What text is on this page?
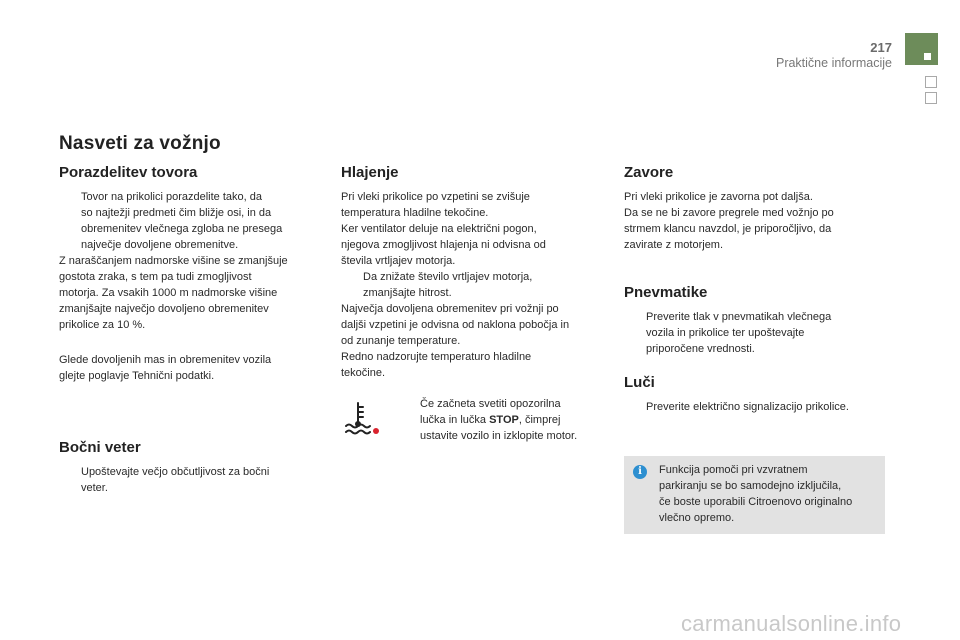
217
Praktične informacije
Nasveti za vožnjo
Porazdelitev tovora
Tovor na prikolici porazdelite tako, da
so najtežji predmeti čim bližje osi, in da
obremenitev vlečnega zgloba ne presega
največje dovoljene obremenitve.

Z naraščanjem nadmorske višine se zmanjšuje
gostota zraka, s tem pa tudi zmogljivost
motorja. Za vsakih 1000 m nadmorske višine
zmanjšajte največjo dovoljeno obremenitev
prikolice za 10 %.

Glede dovoljenih mas in obremenitev vozila
glejte poglavje Tehnični podatki.

Bočni veter
Upoštevajte večjo občutljivost za bočni
veter.
Hlajenje

Pri vleki prikolice po vzpetini se zvišuje
temperatura hladilne tekočine.
Ker ventilator deluje na električni pogon,
njegova zmogljivost hlajenja ni odvisna od
števila vrtljajev motorja.

Da znižate število vrtljajev motorja,
zmanjšajte hitrost.

Največja dovoljena obremenitev pri vožnji po
daljši vzpetini je odvisna od naklona pobočja in
od zunanje temperature.
Redno nadzorujte temperaturo hladilne
tekočine.

Če začneta svetiti opozorilna
lučka in lučka STOP, čimprej
ustavite vozilo in izklopite motor.
Zavore

Pri vleki prikolice je zavorna pot daljša.
Da se ne bi zavore pregrele med vožnjo po
strmem klancu navzdol, je priporočljivo, da
zavirate z motorjem.

Pnevmatike
Preverite tlak v pnevmatikah vlečnega
vozila in prikolice ter upoštevajte
priporočene vrednosti.
Luči
Preverite električno signalizacijo prikolice.
i	Funkcija pomoči pri vzvratnem
parkiranju se bo samodejno izključila,
če boste uporabili Citroenovo originalno
vlečno opremo.
carmanualsonline.info
